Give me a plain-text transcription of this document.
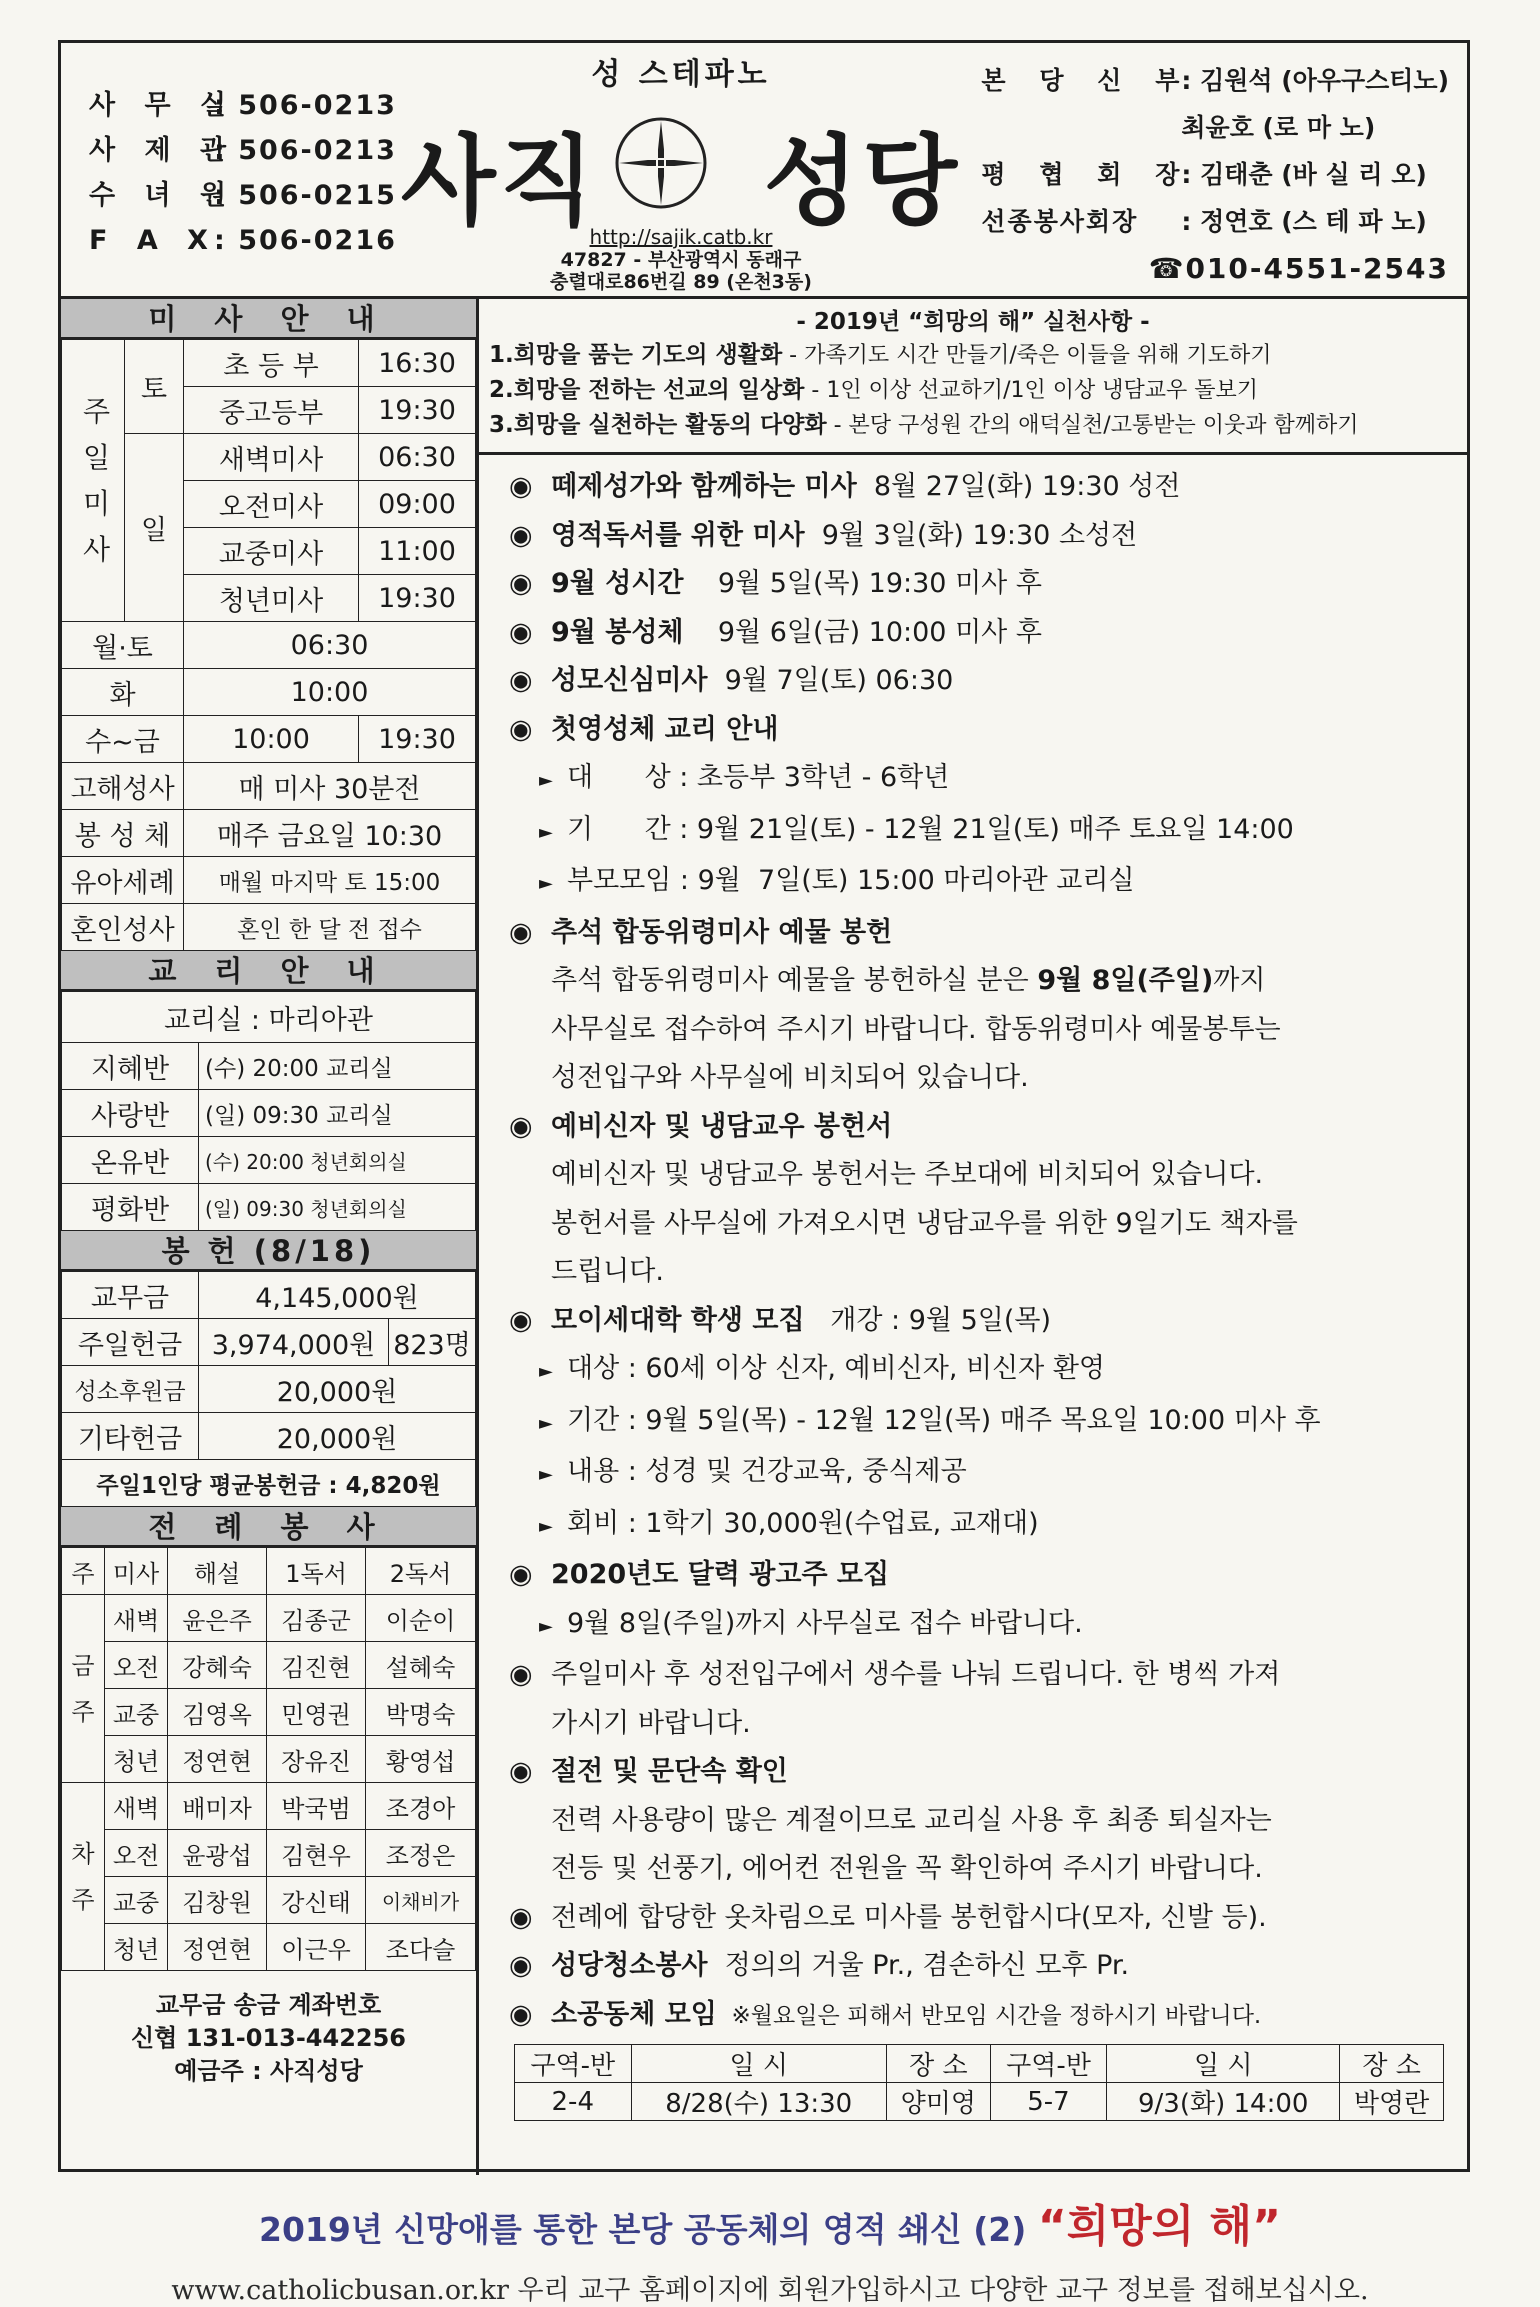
사 무 실: 506-0213
사 제 관: 506-0213
수 녀 원: 506-0215
F A X: 506-0216
성 스테파노
사직 성당
http://sajik.catb.kr
47827 - 부산광역시 동래구
충렬대로86번길 89 (온천3동)
본 당 신 부: 김원석 (아우구스티노)
최윤호 (로 마 노)
평 협 회 장: 김태춘 (바 실 리 오)
선종봉사회장 : 정연호 (스 테 파 노)
☎010-4551-2543
미 사 안 내
주일미사	토	초 등 부	16:30
		중고등부	19:30
	일	새벽미사	06:30
		오전미사	09:00
		교중미사	11:00
		청년미사	19:30
월·토		06:30	
화		10:00	
수~금		10:00	19:30
고해성사		매 미사 30분전	
봉 성 체		매주 금요일 10:30	
유아세례		매월 마지막 토 15:00	
혼인성사		혼인 한 달 전 접수	
교 리 안 내
교리실 : 마리아관	
지혜반	(수) 20:00 교리실
사랑반	(일) 09:30 교리실
온유반	(수) 20:00 청년회의실
평화반	(일) 09:30 청년회의실
봉 헌 (8/18)
교무금	4,145,000원	
주일헌금	3,974,000원	823명
성소후원금	20,000원	
기타헌금	20,000원	
주일1인당 평균봉헌금 : 4,820원		
전 례 봉 사
주	미사	해설	1독서	2독서

금주	새벽	윤은주	김종군	이순이
	오전	강혜숙	김진현	설혜숙
	교중	김영옥	민영권	박명숙
	청년	정연현	장유진	황영섭

차주	새벽	배미자	박국범	조경아
	오전	윤광섭	김현우	조정은
	교중	김창원	강신태	이채비가
	청년	정연현	이근우	조다슬
교무금 송금 계좌번호
신협 131-013-442256
예금주 : 사직성당
- 2019년 “희망의 해” 실천사항 -
1.희망을 품는 기도의 생활화 - 가족기도 시간 만들기/죽은 이들을 위해 기도하기
2.희망을 전하는 선교의 일상화 - 1인 이상 선교하기/1인 이상 냉담교우 돌보기
3.희망을 실천하는 활동의 다양화 - 본당 구성원 간의 애덕실천/고통받는 이웃과 함께하기
◉ 떼제성가와 함께하는 미사  8월 27일(화) 19:30 성전
◉ 영적독서를 위한 미사  9월 3일(화) 19:30 소성전
◉ 9월 성시간    9월 5일(목) 19:30 미사 후
◉ 9월 봉성체    9월 6일(금) 10:00 미사 후
◉ 성모신심미사  9월 7일(토) 06:30
◉ 첫영성체 교리 안내
► 대      상 : 초등부 3학년 - 6학년
► 기      간 : 9월 21일(토) - 12월 21일(토) 매주 토요일 14:00
► 부모모임 : 9월  7일(토) 15:00 마리아관 교리실
◉ 추석 합동위령미사 예물 봉헌
추석 합동위령미사 예물을 봉헌하실 분은 9월 8일(주일)까지
사무실로 접수하여 주시기 바랍니다. 합동위령미사 예물봉투는
성전입구와 사무실에 비치되어 있습니다.
◉ 예비신자 및 냉담교우 봉헌서
예비신자 및 냉담교우 봉헌서는 주보대에 비치되어 있습니다.
봉헌서를 사무실에 가져오시면 냉담교우를 위한 9일기도 책자를
드립니다.
◉ 모이세대학 학생 모집   개강 : 9월 5일(목)
► 대상 : 60세 이상 신자, 예비신자, 비신자 환영
► 기간 : 9월 5일(목) - 12월 12일(목) 매주 목요일 10:00 미사 후
► 내용 : 성경 및 건강교육, 중식제공
► 회비 : 1학기 30,000원(수업료, 교재대)
◉ 2020년도 달력 광고주 모집
► 9월 8일(주일)까지 사무실로 접수 바랍니다.
◉ 주일미사 후 성전입구에서 생수를 나눠 드립니다. 한 병씩 가져
가시기 바랍니다.
◉ 절전 및 문단속 확인
전력 사용량이 많은 계절이므로 교리실 사용 후 최종 퇴실자는
전등 및 선풍기, 에어컨 전원을 꼭 확인하여 주시기 바랍니다.
◉ 전례에 합당한 옷차림으로 미사를 봉헌합시다(모자, 신발 등).
◉ 성당청소봉사  정의의 거울 Pr., 겸손하신 모후 Pr.
◉ 소공동체 모임  ※월요일은 피해서 반모임 시간을 정하시기 바랍니다.
구역-반	일 시	장 소	구역-반	일 시	장 소
2-4	8/28(수) 13:30	양미영	5-7	9/3(화) 14:00	박영란
2019년 신망애를 통한 본당 공동체의 영적 쇄신 (2) “희망의 해”
www.catholicbusan.or.kr 우리 교구 홈페이지에 회원가입하시고 다양한 교구 정보를 접해보십시오.
